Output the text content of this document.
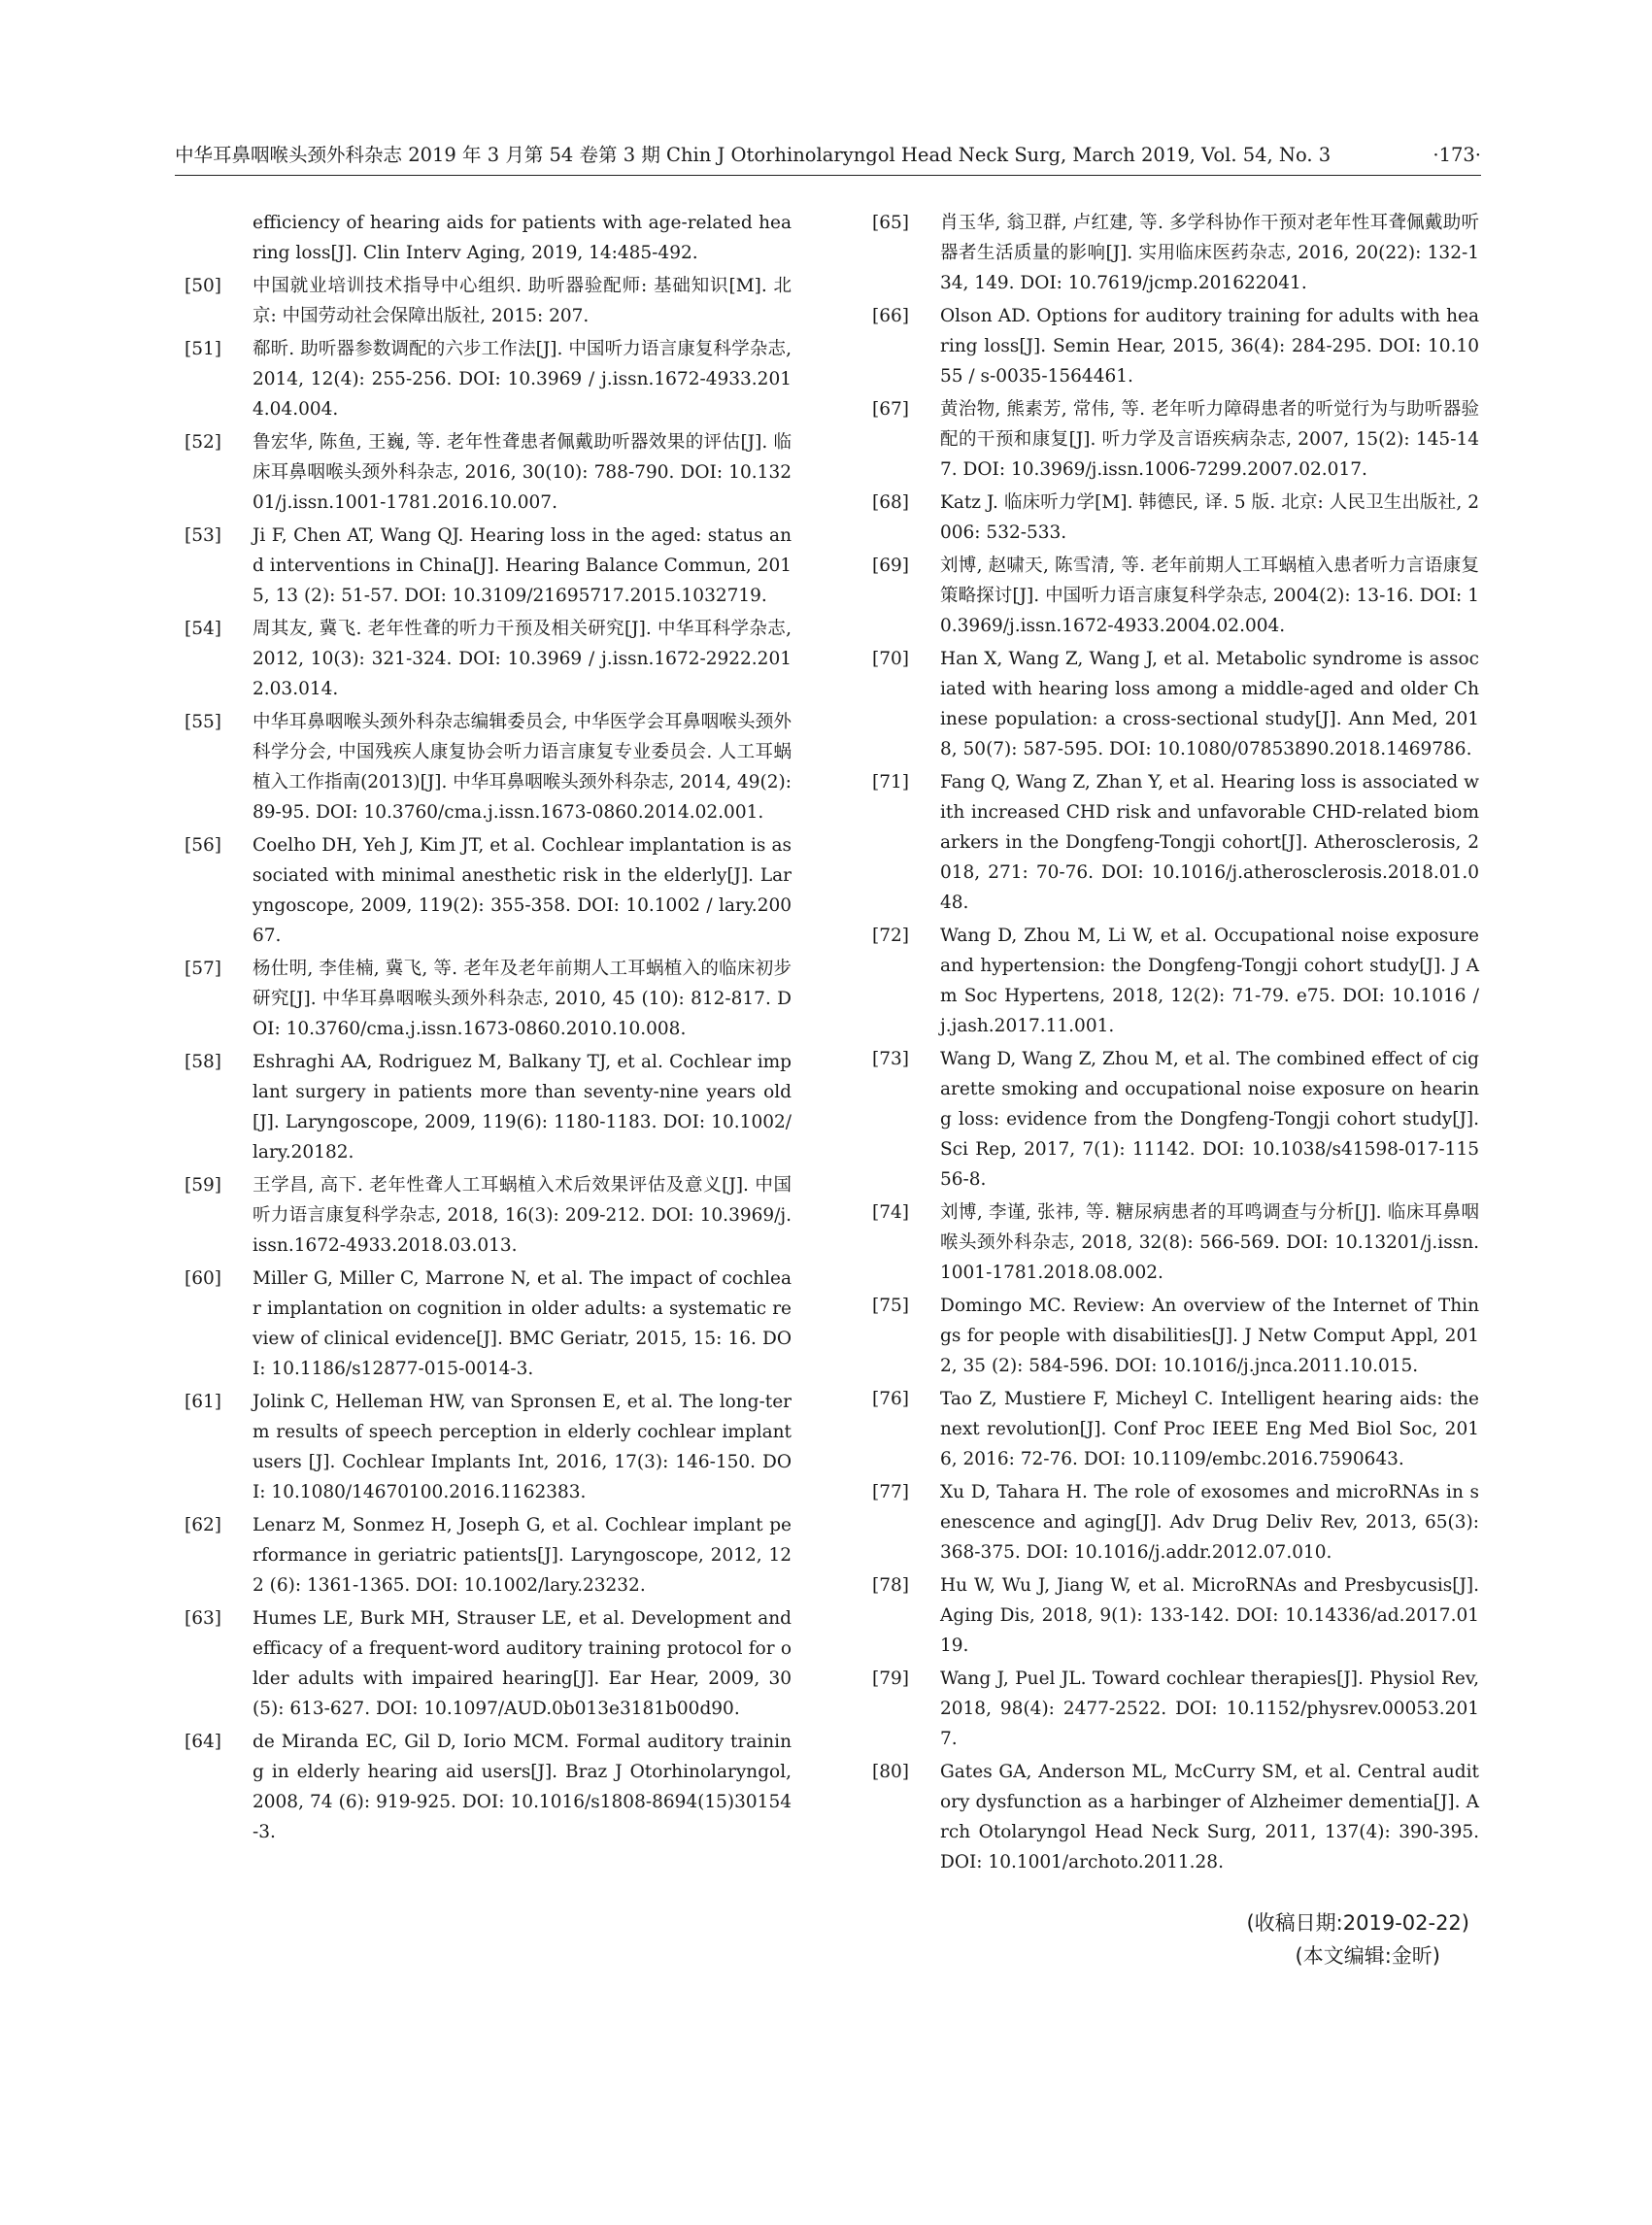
中华耳鼻咽喉头颈外科杂志 2019 年 3 月第 54 卷第 3 期 Chin J Otorhinolaryngol Head Neck Surg, March 2019, Vol. 54, No. 3	·173·
efficiency of hearing aids for patients with age-related hearing loss[J]. Clin Interv Aging, 2019, 14:485-492.
[50]	中国就业培训技术指导中心组织. 助听器验配师: 基础知识[M]. 北京: 中国劳动社会保障出版社, 2015: 207.
[51]	郗昕. 助听器参数调配的六步工作法[J]. 中国听力语言康复科学杂志, 2014, 12(4): 255-256. DOI: 10.3969 / j.issn.1672-4933.2014.04.004.
[52]	鲁宏华, 陈鱼, 王巍, 等. 老年性聋患者佩戴助听器效果的评估[J]. 临床耳鼻咽喉头颈外科杂志, 2016, 30(10): 788-790. DOI: 10.13201/j.issn.1001-1781.2016.10.007.
[53]	Ji F, Chen AT, Wang QJ. Hearing loss in the aged: status and interventions in China[J]. Hearing Balance Commun, 2015, 13 (2): 51-57. DOI: 10.3109/21695717.2015.1032719.
[54]	周其友, 冀飞. 老年性聋的听力干预及相关研究[J]. 中华耳科学杂志, 2012, 10(3): 321-324. DOI: 10.3969 / j.issn.1672-2922.2012.03.014.
[55]	中华耳鼻咽喉头颈外科杂志编辑委员会, 中华医学会耳鼻咽喉头颈外科学分会, 中国残疾人康复协会听力语言康复专业委员会. 人工耳蜗植入工作指南(2013)[J]. 中华耳鼻咽喉头颈外科杂志, 2014, 49(2): 89-95. DOI: 10.3760/cma.j.issn.1673-0860.2014.02.001.
[56]	Coelho DH, Yeh J, Kim JT, et al. Cochlear implantation is associated with minimal anesthetic risk in the elderly[J]. Laryngoscope, 2009, 119(2): 355-358. DOI: 10.1002 / lary.20067.
[57]	杨仕明, 李佳楠, 冀飞, 等. 老年及老年前期人工耳蜗植入的临床初步研究[J]. 中华耳鼻咽喉头颈外科杂志, 2010, 45 (10): 812-817. DOI: 10.3760/cma.j.issn.1673-0860.2010.10.008.
[58]	Eshraghi AA, Rodriguez M, Balkany TJ, et al. Cochlear implant surgery in patients more than seventy-nine years old [J]. Laryngoscope, 2009, 119(6): 1180-1183. DOI: 10.1002/lary.20182.
[59]	王学昌, 高下. 老年性聋人工耳蜗植入术后效果评估及意义[J]. 中国听力语言康复科学杂志, 2018, 16(3): 209-212. DOI: 10.3969/j.issn.1672-4933.2018.03.013.
[60]	Miller G, Miller C, Marrone N, et al. The impact of cochlear implantation on cognition in older adults: a systematic review of clinical evidence[J]. BMC Geriatr, 2015, 15: 16. DOI: 10.1186/s12877-015-0014-3.
[61]	Jolink C, Helleman HW, van Spronsen E, et al. The long-term results of speech perception in elderly cochlear implant users [J]. Cochlear Implants Int, 2016, 17(3): 146-150. DOI: 10.1080/14670100.2016.1162383.
[62]	Lenarz M, Sonmez H, Joseph G, et al. Cochlear implant performance in geriatric patients[J]. Laryngoscope, 2012, 122 (6): 1361-1365. DOI: 10.1002/lary.23232.
[63]	Humes LE, Burk MH, Strauser LE, et al. Development and efficacy of a frequent-word auditory training protocol for older adults with impaired hearing[J]. Ear Hear, 2009, 30(5): 613-627. DOI: 10.1097/AUD.0b013e3181b00d90.
[64]	de Miranda EC, Gil D, Iorio MCM. Formal auditory training in elderly hearing aid users[J]. Braz J Otorhinolaryngol, 2008, 74 (6): 919-925. DOI: 10.1016/s1808-8694(15)30154-3.
[65]	肖玉华, 翁卫群, 卢红建, 等. 多学科协作干预对老年性耳聋佩戴助听器者生活质量的影响[J]. 实用临床医药杂志, 2016, 20(22): 132-134, 149. DOI: 10.7619/jcmp.201622041.
[66]	Olson AD. Options for auditory training for adults with hearing loss[J]. Semin Hear, 2015, 36(4): 284-295. DOI: 10.1055 / s-0035-1564461.
[67]	黄治物, 熊素芳, 常伟, 等. 老年听力障碍患者的听觉行为与助听器验配的干预和康复[J]. 听力学及言语疾病杂志, 2007, 15(2): 145-147. DOI: 10.3969/j.issn.1006-7299.2007.02.017.
[68]	Katz J. 临床听力学[M]. 韩德民, 译. 5 版. 北京: 人民卫生出版社, 2006: 532-533.
[69]	刘博, 赵啸天, 陈雪清, 等. 老年前期人工耳蜗植入患者听力言语康复策略探讨[J]. 中国听力语言康复科学杂志, 2004(2): 13-16. DOI: 10.3969/j.issn.1672-4933.2004.02.004.
[70]	Han X, Wang Z, Wang J, et al. Metabolic syndrome is associated with hearing loss among a middle-aged and older Chinese population: a cross-sectional study[J]. Ann Med, 2018, 50(7): 587-595. DOI: 10.1080/07853890.2018.1469786.
[71]	Fang Q, Wang Z, Zhan Y, et al. Hearing loss is associated with increased CHD risk and unfavorable CHD-related biomarkers in the Dongfeng-Tongji cohort[J]. Atherosclerosis, 2018, 271: 70-76. DOI: 10.1016/j.atherosclerosis.2018.01.048.
[72]	Wang D, Zhou M, Li W, et al. Occupational noise exposure and hypertension: the Dongfeng-Tongji cohort study[J]. J Am Soc Hypertens, 2018, 12(2): 71-79. e75. DOI: 10.1016 / j.jash.2017.11.001.
[73]	Wang D, Wang Z, Zhou M, et al. The combined effect of cigarette smoking and occupational noise exposure on hearing loss: evidence from the Dongfeng-Tongji cohort study[J]. Sci Rep, 2017, 7(1): 11142. DOI: 10.1038/s41598-017-11556-8.
[74]	刘博, 李谨, 张祎, 等. 糖尿病患者的耳鸣调查与分析[J]. 临床耳鼻咽喉头颈外科杂志, 2018, 32(8): 566-569. DOI: 10.13201/j.issn.1001-1781.2018.08.002.
[75]	Domingo MC. Review: An overview of the Internet of Things for people with disabilities[J]. J Netw Comput Appl, 2012, 35 (2): 584-596. DOI: 10.1016/j.jnca.2011.10.015.
[76]	Tao Z, Mustiere F, Micheyl C. Intelligent hearing aids: the next revolution[J]. Conf Proc IEEE Eng Med Biol Soc, 2016, 2016: 72-76. DOI: 10.1109/embc.2016.7590643.
[77]	Xu D, Tahara H. The role of exosomes and microRNAs in senescence and aging[J]. Adv Drug Deliv Rev, 2013, 65(3): 368-375. DOI: 10.1016/j.addr.2012.07.010.
[78]	Hu W, Wu J, Jiang W, et al. MicroRNAs and Presbycusis[J]. Aging Dis, 2018, 9(1): 133-142. DOI: 10.14336/ad.2017.0119.
[79]	Wang J, Puel JL. Toward cochlear therapies[J]. Physiol Rev, 2018, 98(4): 2477-2522. DOI: 10.1152/physrev.00053.2017.
[80]	Gates GA, Anderson ML, McCurry SM, et al. Central auditory dysfunction as a harbinger of Alzheimer dementia[J]. Arch Otolaryngol Head Neck Surg, 2011, 137(4): 390-395. DOI: 10.1001/archoto.2011.28.
(收稿日期:2019-02-22)
(本文编辑:金昕)
